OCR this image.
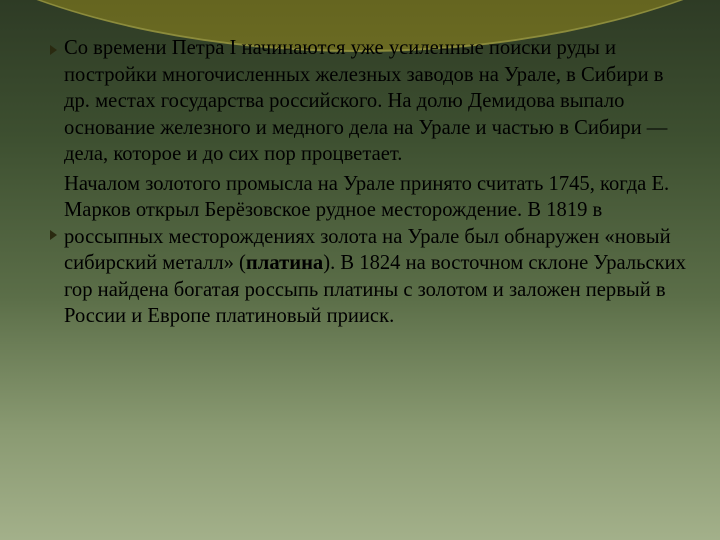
Со времени Петра I начинаются уже усиленные поиски руды и постройки многочисленных железных заводов на Урале, в Сибири в др. местах государства российского. На долю Демидова выпало основание железного и медного дела на Урале и частью в Сибири — дела, которое и до сих пор процветает.

Началом золотого промысла на Урале принято считать 1745, когда Е. Марков открыл Берёзовское рудное месторождение. В 1819 в россыпных месторождениях золота на Урале был обнаружен «новый сибирский металл» (платина). В 1824 на восточном склоне Уральских гор найдена богатая россыпь платины с золотом и заложен первый в России и Европе платиновый прииск.
